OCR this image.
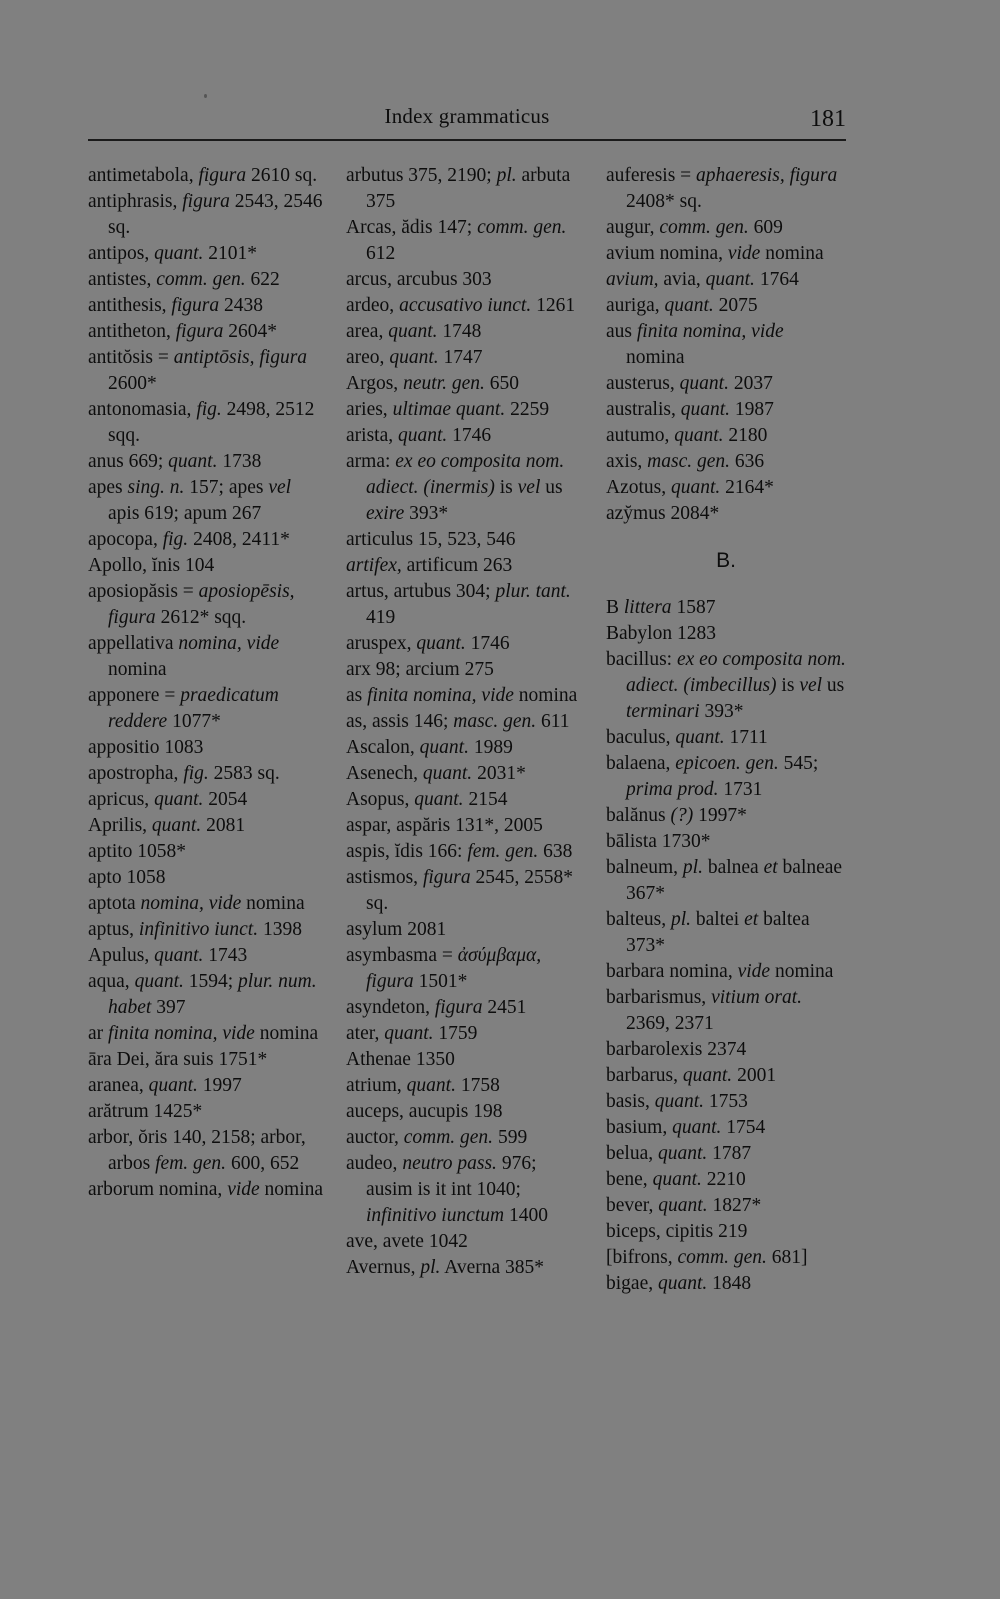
Index grammaticus	181
antimetabola, figura 2610 sq.
antiphrasis, figura 2543, 2546 sq.
antipos, quant. 2101*
antistes, comm. gen. 622
antithesis, figura 2438
antitheton, figura 2604*
antitŏsis = antiptōsis, figura 2600*
antonomasia, fig. 2498, 2512 sqq.
anus 669; quant. 1738
apes sing. n. 157; apes vel apis 619; apum 267
apocopa, fig. 2408, 2411*
Apollo, ĭnis 104
aposiopăsis = aposiopēsis, figura 2612* sqq.
appellativa nomina, vide nomina
apponere = praedicatum reddere 1077*
appositio 1083
apostropha, fig. 2583 sq.
apricus, quant. 2054
Aprilis, quant. 2081
aptito 1058*
apto 1058
aptota nomina, vide nomina
aptus, infinitivo iunct. 1398
Apulus, quant. 1743
aqua, quant. 1594; plur. num. habet 397
ar finita nomina, vide nomina
āra Dei, ăra suis 1751*
aranea, quant. 1997
arătrum 1425*
arbor, ŏris 140, 2158; arbor, arbos fem. gen. 600, 652
arborum nomina, vide nomina
arbutus 375, 2190; pl. arbuta 375
Arcas, ădis 147; comm. gen. 612
arcus, arcubus 303
ardeo, accusativo iunct. 1261
area, quant. 1748
areo, quant. 1747
Argos, neutr. gen. 650
aries, ultimae quant. 2259
arista, quant. 1746
arma: ex eo composita nom. adiect. (inermis) is vel us exire 393*
articulus 15, 523, 546
artifex, artificum 263
artus, artubus 304; plur. tant. 419
aruspex, quant. 1746
arx 98; arcium 275
as finita nomina, vide nomina
as, assis 146; masc. gen. 611
Ascalon, quant. 1989
Asenech, quant. 2031*
Asopus, quant. 2154
aspar, aspăris 131*, 2005
aspis, ĭdis 166: fem. gen. 638
astismos, figura 2545, 2558* sq.
asylum 2081
asymbasma = ἀσύμβαμα, figura 1501*
asyndeton, figura 2451
ater, quant. 1759
Athenae 1350
atrium, quant. 1758
auceps, aucupis 198
auctor, comm. gen. 599
audeo, neutro pass. 976; ausim is it int 1040; infinitivo iunctum 1400
ave, avete 1042
Avernus, pl. Averna 385*
auferesis = aphaeresis, figura 2408* sq.
augur, comm. gen. 609
avium nomina, vide nomina
avium, avia, quant. 1764
auriga, quant. 2075
aus finita nomina, vide nomina
austerus, quant. 2037
australis, quant. 1987
autumo, quant. 2180
axis, masc. gen. 636
Azotus, quant. 2164*
azy̆mus 2084*
B.
B littera 1587
Babylon 1283
bacillus: ex eo composita nom. adiect. (imbecillus) is vel us terminari 393*
baculus, quant. 1711
balaena, epicoen. gen. 545; prima prod. 1731
balănus (?) 1997*
bālista 1730*
balneum, pl. balnea et balneae 367*
balteus, pl. baltei et baltea 373*
barbara nomina, vide nomina
barbarismus, vitium orat. 2369, 2371
barbarolexis 2374
barbarus, quant. 2001
basis, quant. 1753
basium, quant. 1754
belua, quant. 1787
bene, quant. 2210
bever, quant. 1827*
biceps, cipitis 219
[bifrons, comm. gen. 681]
bigae, quant. 1848
